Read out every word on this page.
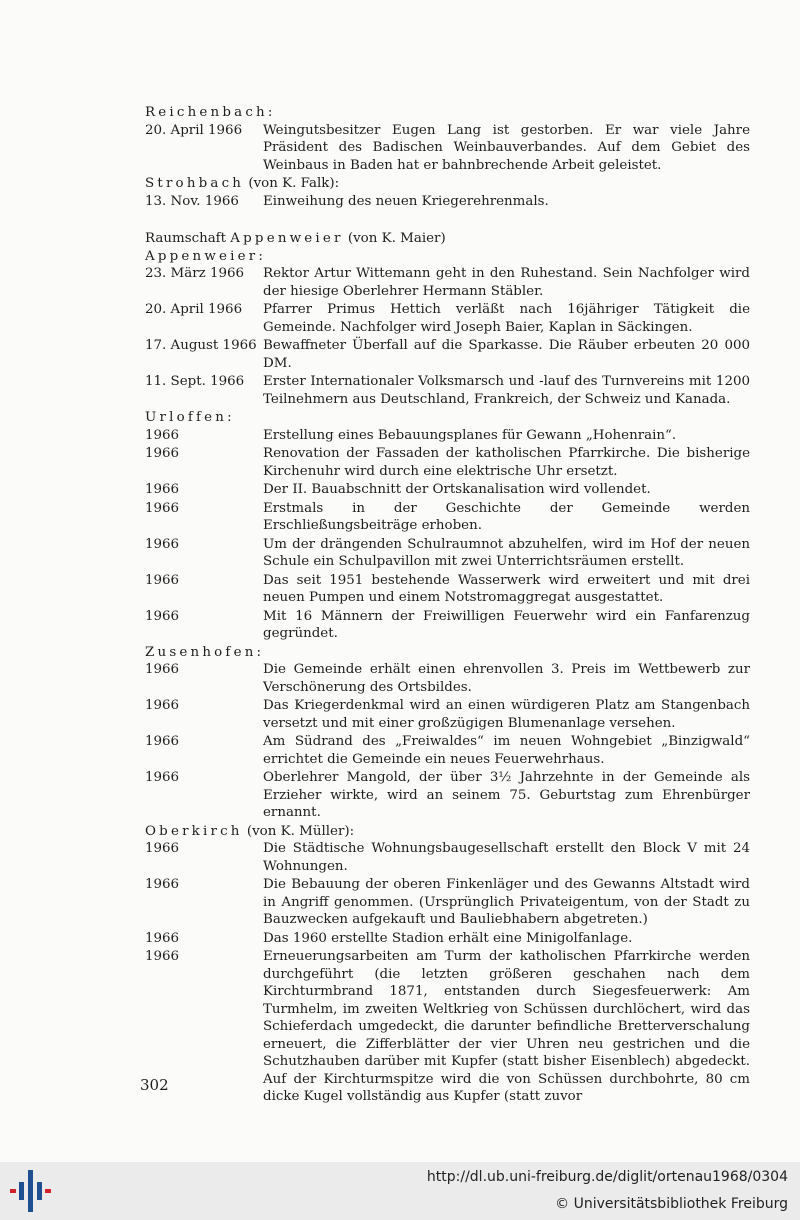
Reichenbach:
20. April 1966	Weingutsbesitzer Eugen Lang ist gestorben. Er war viele Jahre Präsident des Badischen Weinbauverbandes. Auf dem Gebiet des Weinbaus in Baden hat er bahnbrechende Arbeit geleistet.
Strohbach (von K. Falk):
13. Nov. 1966	Einweihung des neuen Kriegerehrenmals.
Raumschaft Appenweier (von K. Maier)
Appenweier:
23. März 1966	Rektor Artur Wittemann geht in den Ruhestand. Sein Nachfolger wird der hiesige Oberlehrer Hermann Stäbler.
20. April 1966	Pfarrer Primus Hettich verläßt nach 16jähriger Tätigkeit die Gemeinde. Nachfolger wird Joseph Baier, Kaplan in Säckingen.
17. August 1966 Bewaffneter Überfall auf die Sparkasse. Die Räuber erbeuten 20 000 DM.
11. Sept. 1966	Erster Internationaler Volksmarsch und -lauf des Turnvereins mit 1200 Teilnehmern aus Deutschland, Frankreich, der Schweiz und Kanada.
Urloffen:
1966	Erstellung eines Bebauungsplanes für Gewann „Hohenrain“.
1966	Renovation der Fassaden der katholischen Pfarrkirche. Die bisherige Kirchenuhr wird durch eine elektrische Uhr ersetzt.
1966	Der II. Bauabschnitt der Ortskanalisation wird vollendet.
1966	Erstmals in der Geschichte der Gemeinde werden Erschließungsbeiträge erhoben.
1966	Um der drängenden Schulraumnot abzuhelfen, wird im Hof der neuen Schule ein Schulpavillon mit zwei Unterrichtsräumen erstellt.
1966	Das seit 1951 bestehende Wasserwerk wird erweitert und mit drei neuen Pumpen und einem Notstromaggregat ausgestattet.
1966	Mit 16 Männern der Freiwilligen Feuerwehr wird ein Fanfarenzug gegründet.
Zusenhofen:
1966	Die Gemeinde erhält einen ehrenvollen 3. Preis im Wettbewerb zur Verschönerung des Ortsbildes.
1966	Das Kriegerdenkmal wird an einen würdigeren Platz am Stangenbach versetzt und mit einer großzügigen Blumenanlage versehen.
1966	Am Südrand des „Freiwaldes“ im neuen Wohngebiet „Binzigwald“ errichtet die Gemeinde ein neues Feuerwehrhaus.
1966	Oberlehrer Mangold, der über 3½ Jahrzehnte in der Gemeinde als Erzieher wirkte, wird an seinem 75. Geburtstag zum Ehrenbürger ernannt.
Oberkirch (von K. Müller):
1966	Die Städtische Wohnungsbaugesellschaft erstellt den Block V mit 24 Wohnungen.
1966	Die Bebauung der oberen Finkenläger und des Gewanns Altstadt wird in Angriff genommen. (Ursprünglich Privateigentum, von der Stadt zu Bauzwecken aufgekauft und Bauliebhabern abgetreten.)
1966	Das 1960 erstellte Stadion erhält eine Minigolfanlage.
1966	Erneuerungsarbeiten am Turm der katholischen Pfarrkirche werden durchgeführt (die letzten größeren geschahen nach dem Kirchturmbrand 1871, entstanden durch Siegesfeuerwerk: Am Turmhelm, im zweiten Weltkrieg von Schüssen durchlöchert, wird das Schieferdach umgedeckt, die darunter befindliche Bretterverschalung erneuert, die Zifferblätter der vier Uhren neu gestrichen und die Schutzhauben darüber mit Kupfer (statt bisher Eisenblech) abgedeckt. Auf der Kirchturmspitze wird die von Schüssen durchbohrte, 80 cm dicke Kugel vollständig aus Kupfer (statt zuvor
302
http://dl.ub.uni-freiburg.de/diglit/ortenau1968/0304
© Universitätsbibliothek Freiburg
